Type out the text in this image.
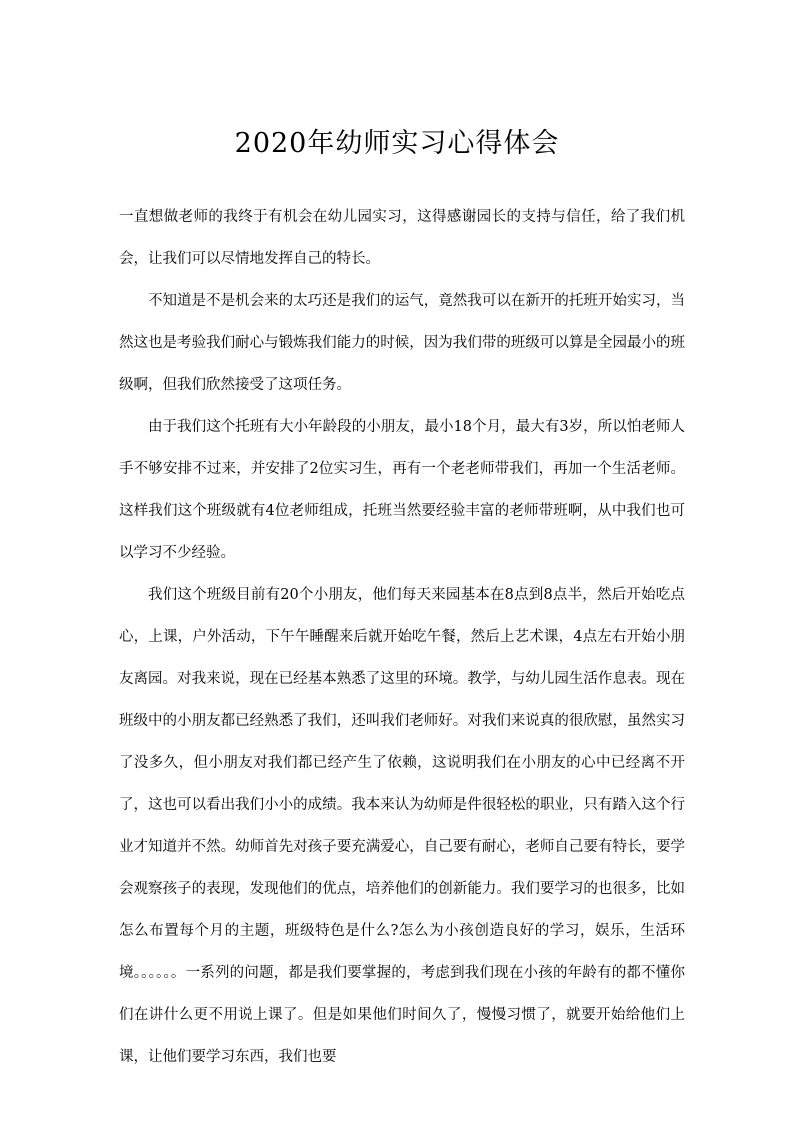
2020年幼师实习心得体会

一直想做老师的我终于有机会在幼儿园实习，这得感谢园长的支持与信任，给了我们机会，让我们可以尽情地发挥自己的特长。

不知道是不是机会来的太巧还是我们的运气，竟然我可以在新开的托班开始实习，当然这也是考验我们耐心与锻炼我们能力的时候，因为我们带的班级可以算是全园最小的班级啊，但我们欣然接受了这项任务。

由于我们这个托班有大小年龄段的小朋友，最小18个月，最大有3岁，所以怕老师人手不够安排不过来，并安排了2位实习生，再有一个老老师带我们，再加一个生活老师。这样我们这个班级就有4位老师组成，托班当然要经验丰富的老师带班啊，从中我们也可以学习不少经验。

我们这个班级目前有20个小朋友，他们每天来园基本在8点到8点半，然后开始吃点心，上课，户外活动，下午午睡醒来后就开始吃午餐，然后上艺术课，4点左右开始小朋友离园。对我来说，现在已经基本熟悉了这里的环境。教学，与幼儿园生活作息表。现在班级中的小朋友都已经熟悉了我们，还叫我们老师好。对我们来说真的很欣慰，虽然实习了没多久，但小朋友对我们都已经产生了依赖，这说明我们在小朋友的心中已经离不开了，这也可以看出我们小小的成绩。我本来认为幼师是件很轻松的职业，只有踏入这个行业才知道并不然。幼师首先对孩子要充满爱心，自己要有耐心，老师自己要有特长，要学会观察孩子的表现，发现他们的优点，培养他们的创新能力。我们要学习的也很多，比如怎么布置每个月的主题，班级特色是什么?怎么为小孩创造良好的学习，娱乐，生活环境。。。。。。一系列的问题，都是我们要掌握的，考虑到我们现在小孩的年龄有的都不懂你们在讲什么更不用说上课了。但是如果他们时间久了，慢慢习惯了，就要开始给他们上课，让他们要学习东西，我们也要
